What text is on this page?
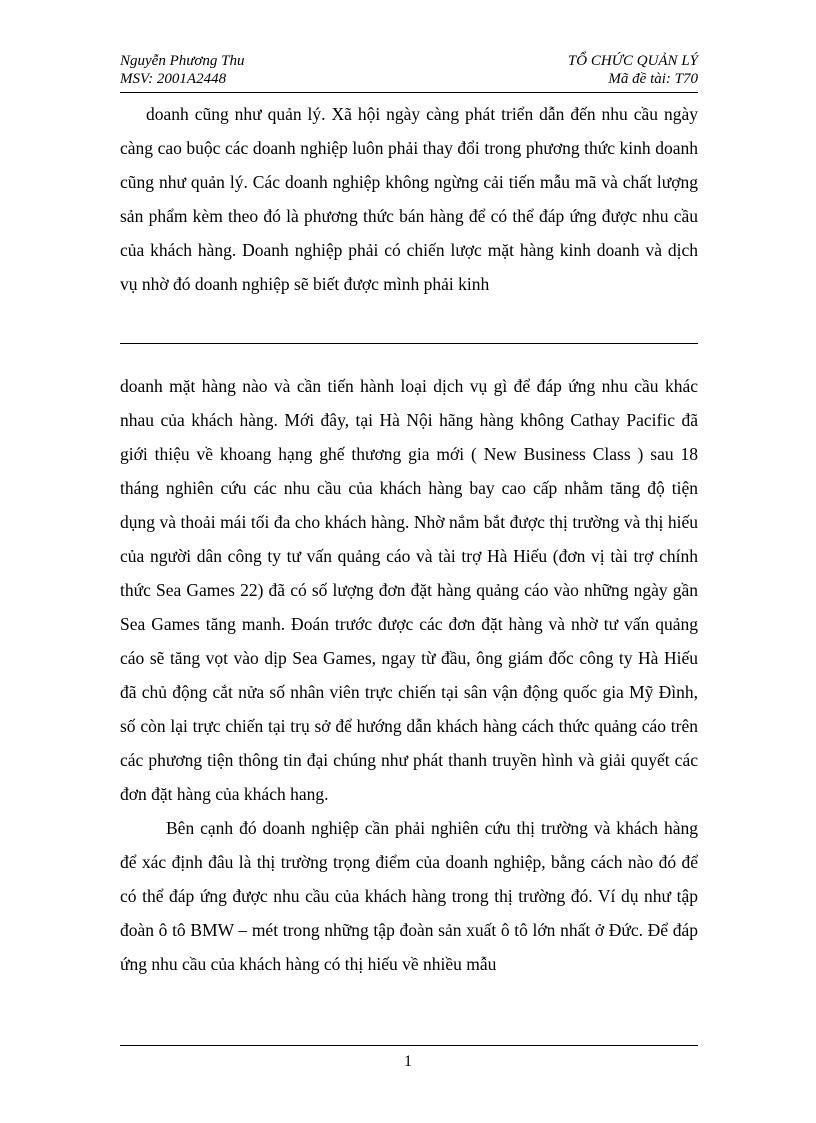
Nguyễn Phương Thu
MSV: 2001A2448
TỔ CHỨC QUẢN LÝ
Mã đề tài: T70

doanh cũng như quản lý. Xã hội ngày càng phát triển dẫn đến nhu cầu ngày càng cao buộc các doanh nghiệp luôn phải thay đổi trong phương thức kinh doanh cũng như quản lý. Các doanh nghiệp không ngừng cải tiến mẫu mã và chất lượng sản phẩm kèm theo đó là phương thức bán hàng để có thể đáp ứng được nhu cầu của khách hàng. Doanh nghiệp phải có chiến lược mặt hàng kinh doanh và dịch vụ nhờ đó doanh nghiệp sẽ biết được mình phải kinh

doanh mặt hàng nào và cần tiến hành loại dịch vụ gì để đáp ứng nhu cầu khác nhau của khách hàng. Mới đây, tại Hà Nội hãng hàng không Cathay Pacific đã giới thiệu về khoang hạng ghế thương gia mới ( New Business Class ) sau 18 tháng nghiên cứu các nhu cầu của khách hàng bay cao cấp nhằm tăng độ tiện dụng và thoải mái tối đa cho khách hàng. Nhờ nắm bắt được thị trường và thị hiếu của người dân công ty tư vấn quảng cáo và tài trợ Hà Hiếu (đơn vị tài trợ chính thức Sea Games 22) đã có số lượng đơn đặt hàng quảng cáo vào những ngày gần Sea Games tăng manh. Đoán trước được các đơn đặt hàng và nhờ tư vấn quảng cáo sẽ tăng vọt vào dịp Sea Games, ngay từ đầu, ông giám đốc công ty Hà Hiếu đã chủ động cắt nửa số nhân viên trực chiến tại sân vận động quốc gia Mỹ Đình, số còn lại trực chiến tại trụ sở để hướng dẫn khách hàng cách thức quảng cáo trên các phương tiện thông tin đại chúng như phát thanh truyền hình và giải quyết các đơn đặt hàng của khách hang.

Bên cạnh đó doanh nghiệp cần phải nghiên cứu thị trường và khách hàng để xác định đâu là thị trường trọng điểm của doanh nghiệp, bằng cách nào đó để có thể đáp ứng được nhu cầu của khách hàng trong thị trường đó. Ví dụ như tập đoàn ô tô BMW – mét trong những tập đoàn sản xuất ô tô lớn nhất ở Đức. Để đáp ứng nhu cầu của khách hàng có thị hiếu về nhiều mẫu

1
